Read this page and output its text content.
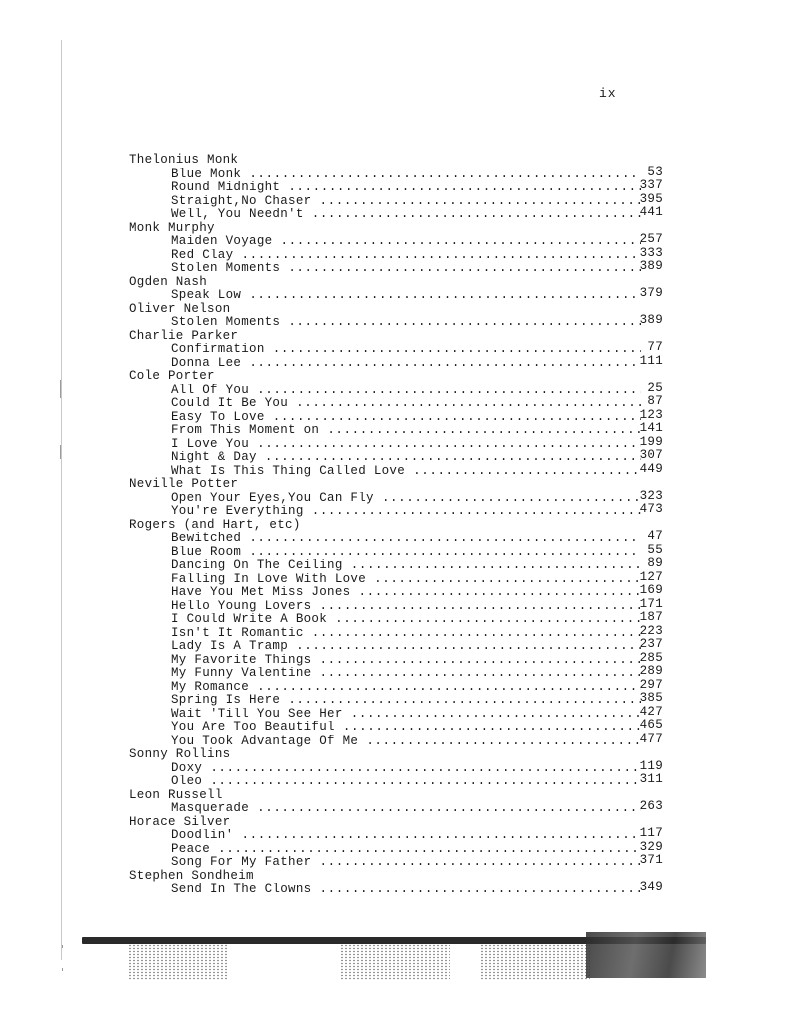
ix
Thelonius Monk
Blue Monk .....	53
Round Midnight .....	337
Straight,No Chaser .....	395
Well, You Needn't .....	441
Monk Murphy
Maiden Voyage .....	257
Red Clay .....	333
Stolen Moments .....	389
Ogden Nash
Speak Low .....	379
Oliver Nelson
Stolen Moments .....	389
Charlie Parker
Confirmation .....	77
Donna Lee .....	111
Cole Porter
All Of You .....	25
Could It Be You .....	87
Easy To Love .....	123
From This Moment on .....	141
I Love You .....	199
Night & Day .....	307
What Is This Thing Called Love .....	449
Neville Potter
Open Your Eyes,You Can Fly .....	323
You're Everything .....	473
Rogers (and Hart, etc)
Bewitched .....	47
Blue Room .....	55
Dancing On The Ceiling .....	89
Falling In Love With Love .....	127
Have You Met Miss Jones .....	169
Hello Young Lovers .....	171
I Could Write A Book .....	187
Isn't It Romantic .....	223
Lady Is A Tramp .....	237
My Favorite Things .....	285
My Funny Valentine .....	289
My Romance .....	297
Spring Is Here .....	385
Wait 'Till You See Her .....	427
You Are Too Beautiful .....	465
You Took Advantage Of Me .....	477
Sonny Rollins
Doxy .....	119
Oleo .....	311
Leon Russell
Masquerade .....	263
Horace Silver
Doodlin' .....	117
Peace .....	329
Song For My Father .....	371
Stephen Sondheim
Send In The Clowns .....	349
